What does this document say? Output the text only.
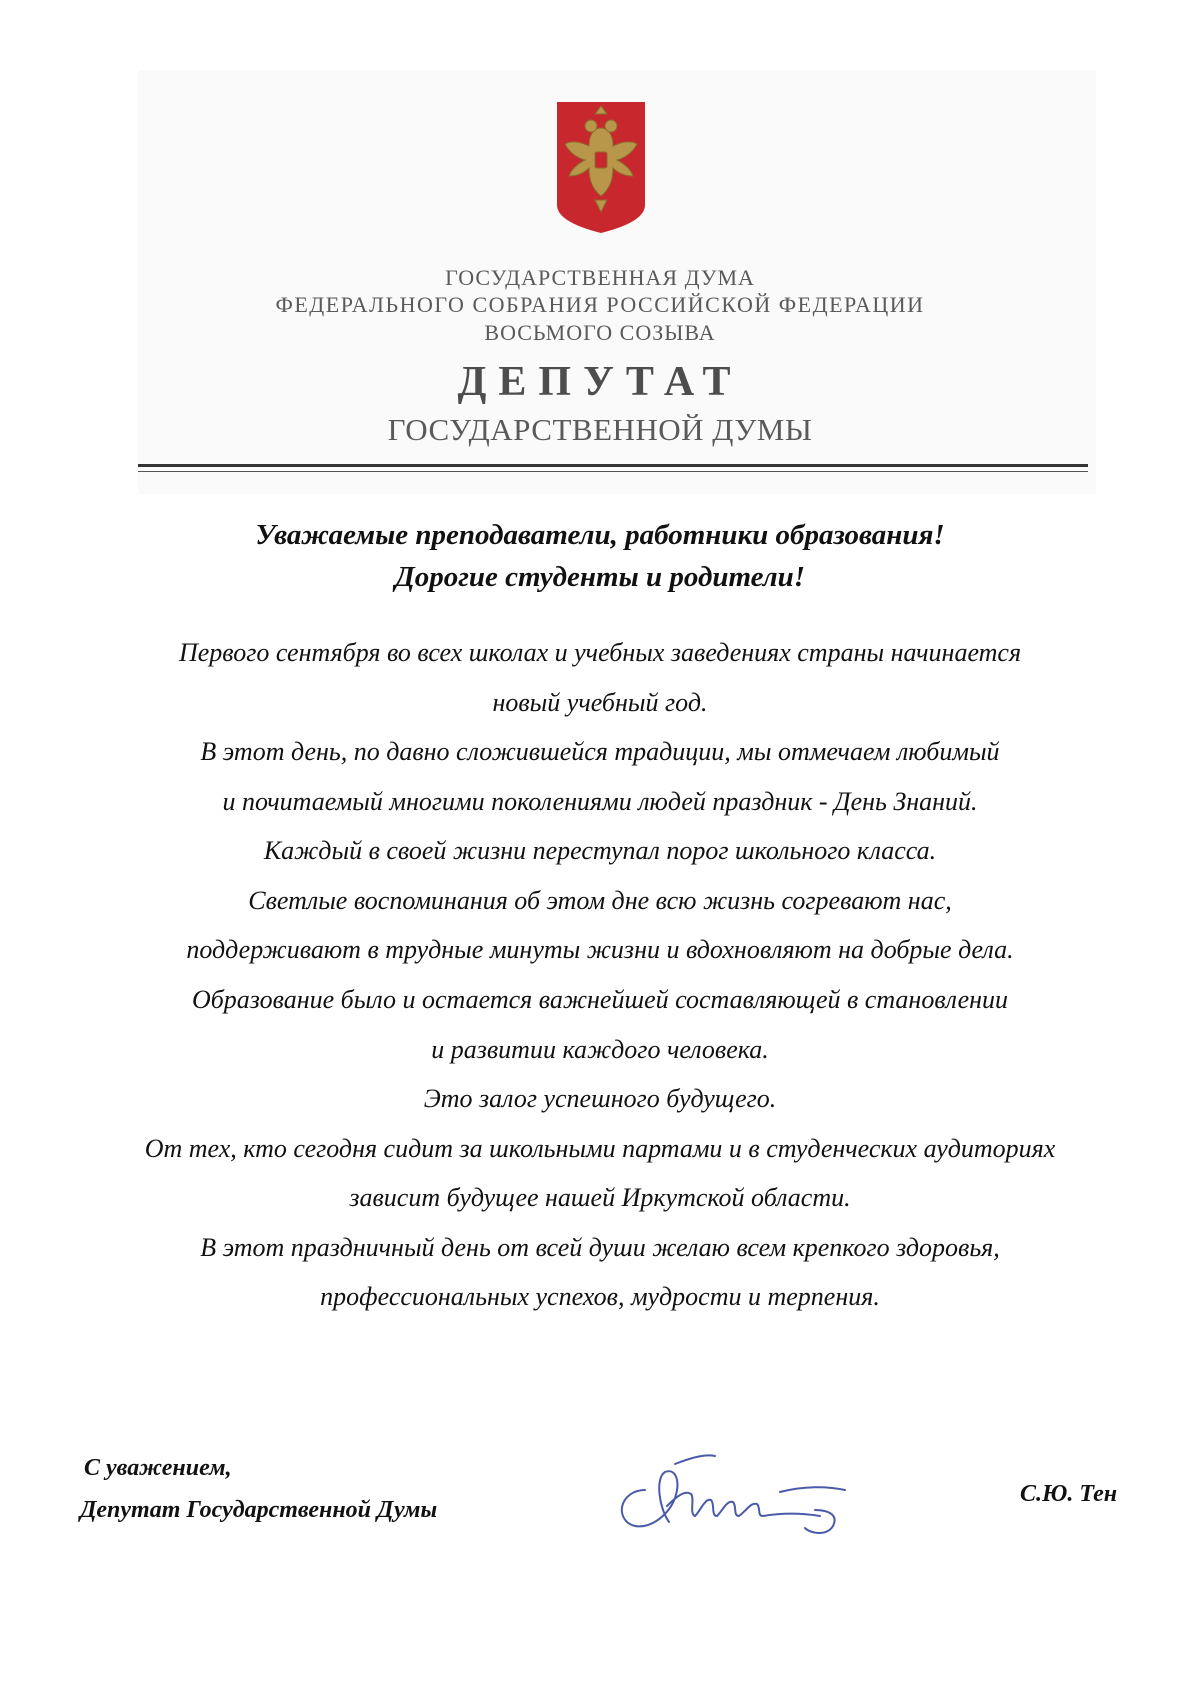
ГОСУДАРСТВЕННАЯ ДУМА
ФЕДЕРАЛЬНОГО СОБРАНИЯ РОССИЙСКОЙ ФЕДЕРАЦИИ
ВОСЬМОГО СОЗЫВА
ДЕПУТАТ
ГОСУДАРСТВЕННОЙ ДУМЫ
Уважаемые преподаватели, работники образования!
Дорогие студенты и родители!
Первого сентября во всех школах и учебных заведениях страны начинается
новый учебный год.
В этот день, по давно сложившейся традиции, мы отмечаем любимый
и почитаемый многими поколениями людей праздник - День Знаний.
Каждый в своей жизни переступал порог школьного класса.
Светлые воспоминания об этом дне всю жизнь согревают нас,
поддерживают в трудные минуты жизни и вдохновляют на добрые дела.
Образование было и остается важнейшей составляющей в становлении
и развитии каждого человека.
Это залог успешного будущего.
От тех, кто сегодня сидит за школьными партами и в студенческих аудиториях
зависит будущее нашей Иркутской области.
В этот праздничный день от всей души желаю всем крепкого здоровья,
профессиональных успехов, мудрости и терпения.
С уважением,
Депутат Государственной Думы
С.Ю. Тен
